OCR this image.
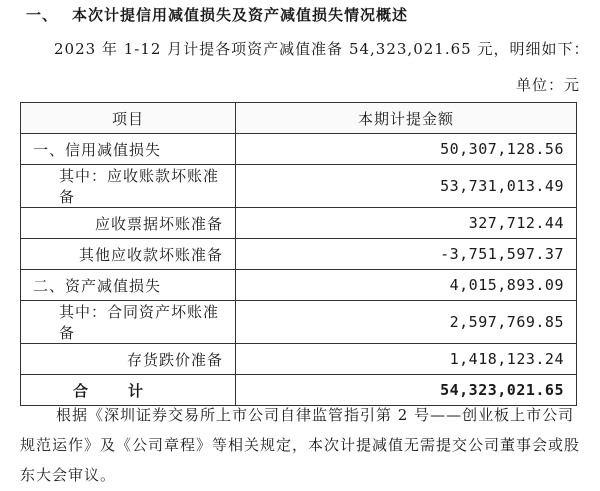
一、 本次计提信用减值损失及资产减值损失情况概述
2023 年 1-12 月计提各项资产减值准备 54,323,021.65 元，明细如下：
单位：元
项目	本期计提金额
一、信用减值损失	50,307,128.56
其中：应收账款坏账准备	53,731,013.49
应收票据坏账准备	327,712.44
其他应收款坏账准备	-3,751,597.37
二、资产减值损失	4,015,893.09
其中：合同资产坏账准备	2,597,769.85
存货跌价准备	1,418,123.24
合计	54,323,021.65
根据《深圳证券交易所上市公司自律监管指引第 2 号——创业板上市公司规范运作》及《公司章程》等相关规定，本次计提减值无需提交公司董事会或股东大会审议。
